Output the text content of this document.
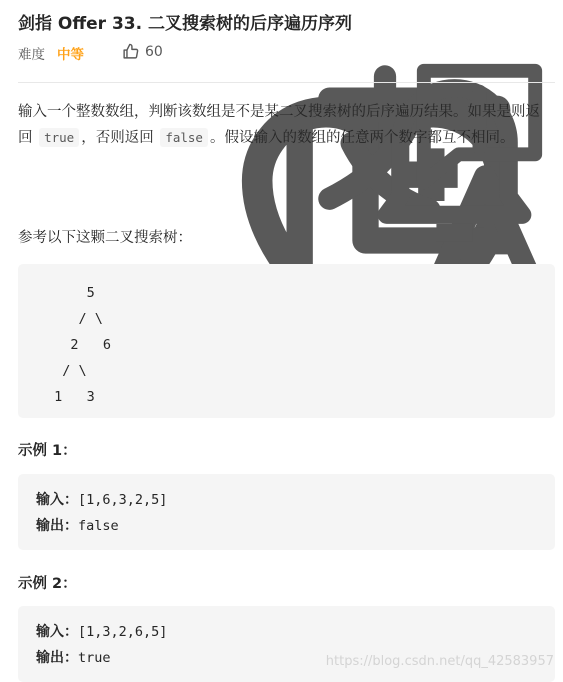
剑指 Offer 33. 二叉搜索树的后序遍历序列
难度 中等	60
输入一个整数数组，判断该数组是不是某二叉搜索树的后序遍历结果。如果是则返回 true ，否则返回 false 。假设输入的数组的任意两个数字都互不相同。
参考以下这颗二叉搜索树：
5
/ \
2   6
/ \
1   3
示例 1：
输入：[1,6,3,2,5]
输出：false
示例 2：
输入：[1,3,2,6,5]
输出：true	https://blog.csdn.net/qq_42583957
